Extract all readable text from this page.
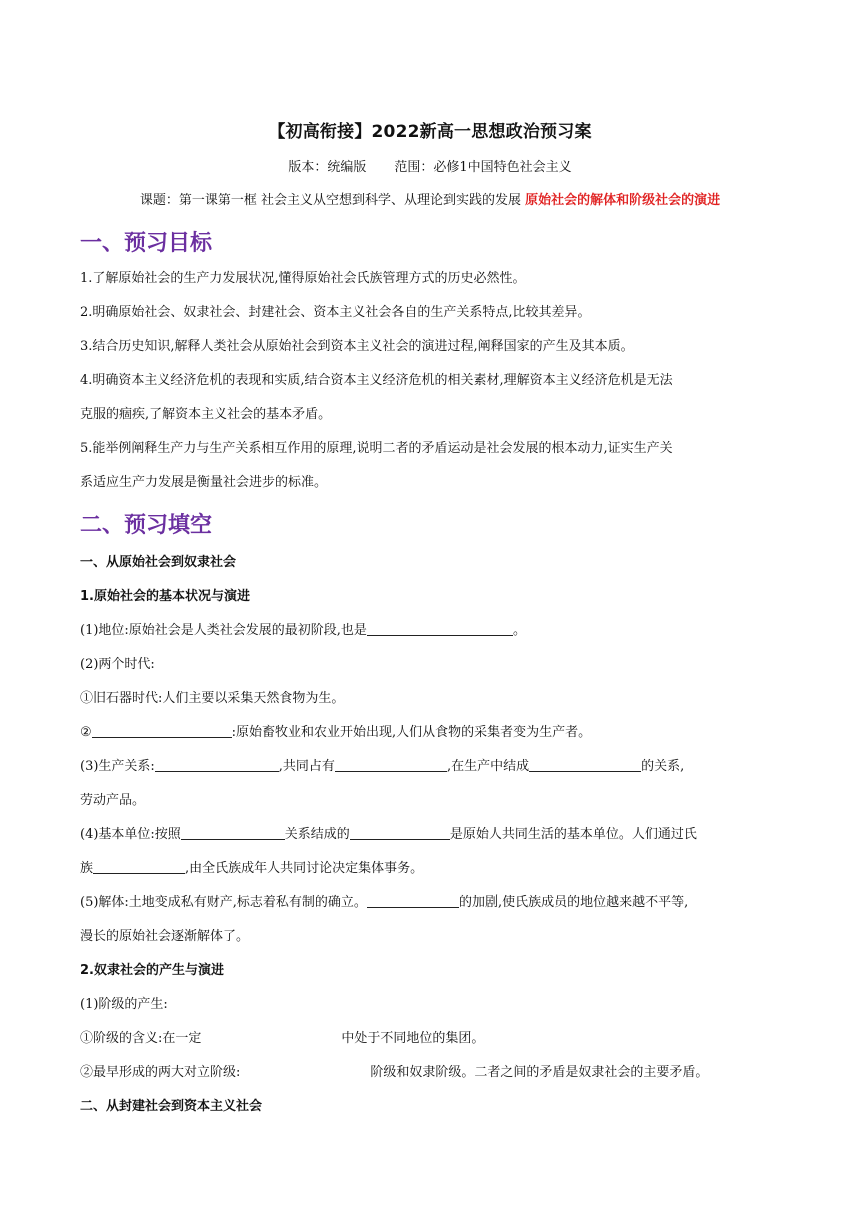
【初高衔接】2022新高一思想政治预习案
版本：统编版 范围：必修1中国特色社会主义
课题：第一课第一框 社会主义从空想到科学、从理论到实践的发展 原始社会的解体和阶级社会的演进
一、预习目标
1.了解原始社会的生产力发展状况,懂得原始社会氏族管理方式的历史必然性。
2.明确原始社会、奴隶社会、封建社会、资本主义社会各自的生产关系特点,比较其差异。
3.结合历史知识,解释人类社会从原始社会到资本主义社会的演进过程,阐释国家的产生及其本质。
4.明确资本主义经济危机的表现和实质,结合资本主义经济危机的相关素材,理解资本主义经济危机是无法
克服的痼疾,了解资本主义社会的基本矛盾。
5.能举例阐释生产力与生产关系相互作用的原理,说明二者的矛盾运动是社会发展的根本动力,证实生产关
系适应生产力发展是衡量社会进步的标准。
二、预习填空
一、从原始社会到奴隶社会
1.原始社会的基本状况与演进
(1)地位:原始社会是人类社会发展的最初阶段,也是	。
(2)两个时代:
①旧石器时代:人们主要以采集天然食物为生。
②	:原始畜牧业和农业开始出现,人们从食物的采集者变为生产者。
(3)生产关系:	,共同占有	,在生产中结成	的关系,
劳动产品。
(4)基本单位:按照	关系结成的	是原始人共同生活的基本单位。人们通过氏
族	,由全氏族成年人共同讨论决定集体事务。
(5)解体:土地变成私有财产,标志着私有制的确立。	的加剧,使氏族成员的地位越来越不平等,
漫长的原始社会逐渐解体了。
2.奴隶社会的产生与演进
(1)阶级的产生:
①阶级的含义:在一定	中处于不同地位的集团。
②最早形成的两大对立阶级:	阶级和奴隶阶级。二者之间的矛盾是奴隶社会的主要矛盾。
二、从封建社会到资本主义社会
